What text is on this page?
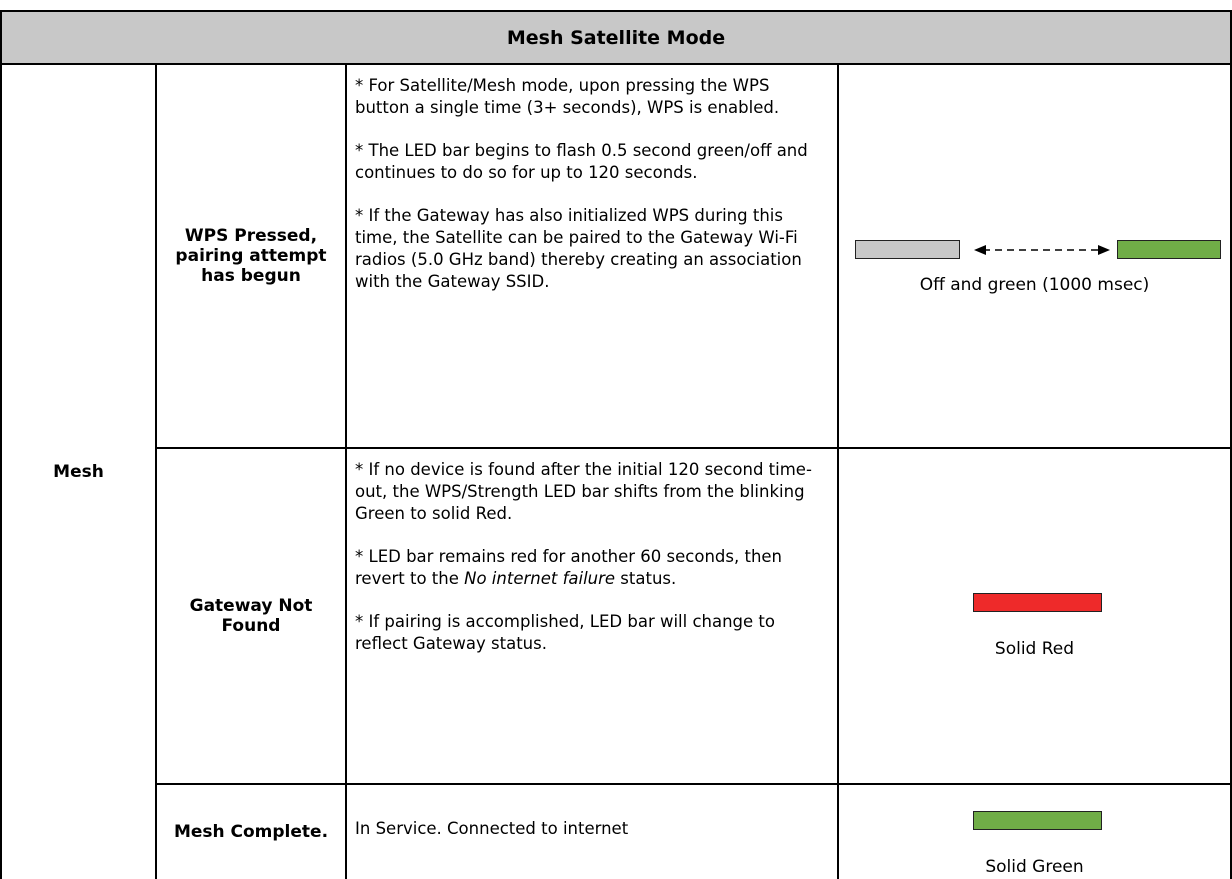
Mesh Satellite Mode
Mesh
WPS Pressed, pairing attempt has begun

* For Satellite/Mesh mode, upon pressing the WPS button a single time (3+ seconds), WPS is enabled.

* The LED bar begins to flash 0.5 second green/off and continues to do so for up to 120 seconds.

* If the Gateway has also initialized WPS during this time, the Satellite can be paired to the Gateway Wi-Fi radios (5.0 GHz band) thereby creating an association with the Gateway SSID.	Off and green (1000 msec)
Gateway Not Found

* If no device is found after the initial 120 second time-out, the WPS/Strength LED bar shifts from the blinking Green to solid Red.

* LED bar remains red for another 60 seconds, then revert to the No internet failure status.

* If pairing is accomplished, LED bar will change to reflect Gateway status.	Solid Red
Mesh Complete. In Service. Connected to internet

Solid Green
